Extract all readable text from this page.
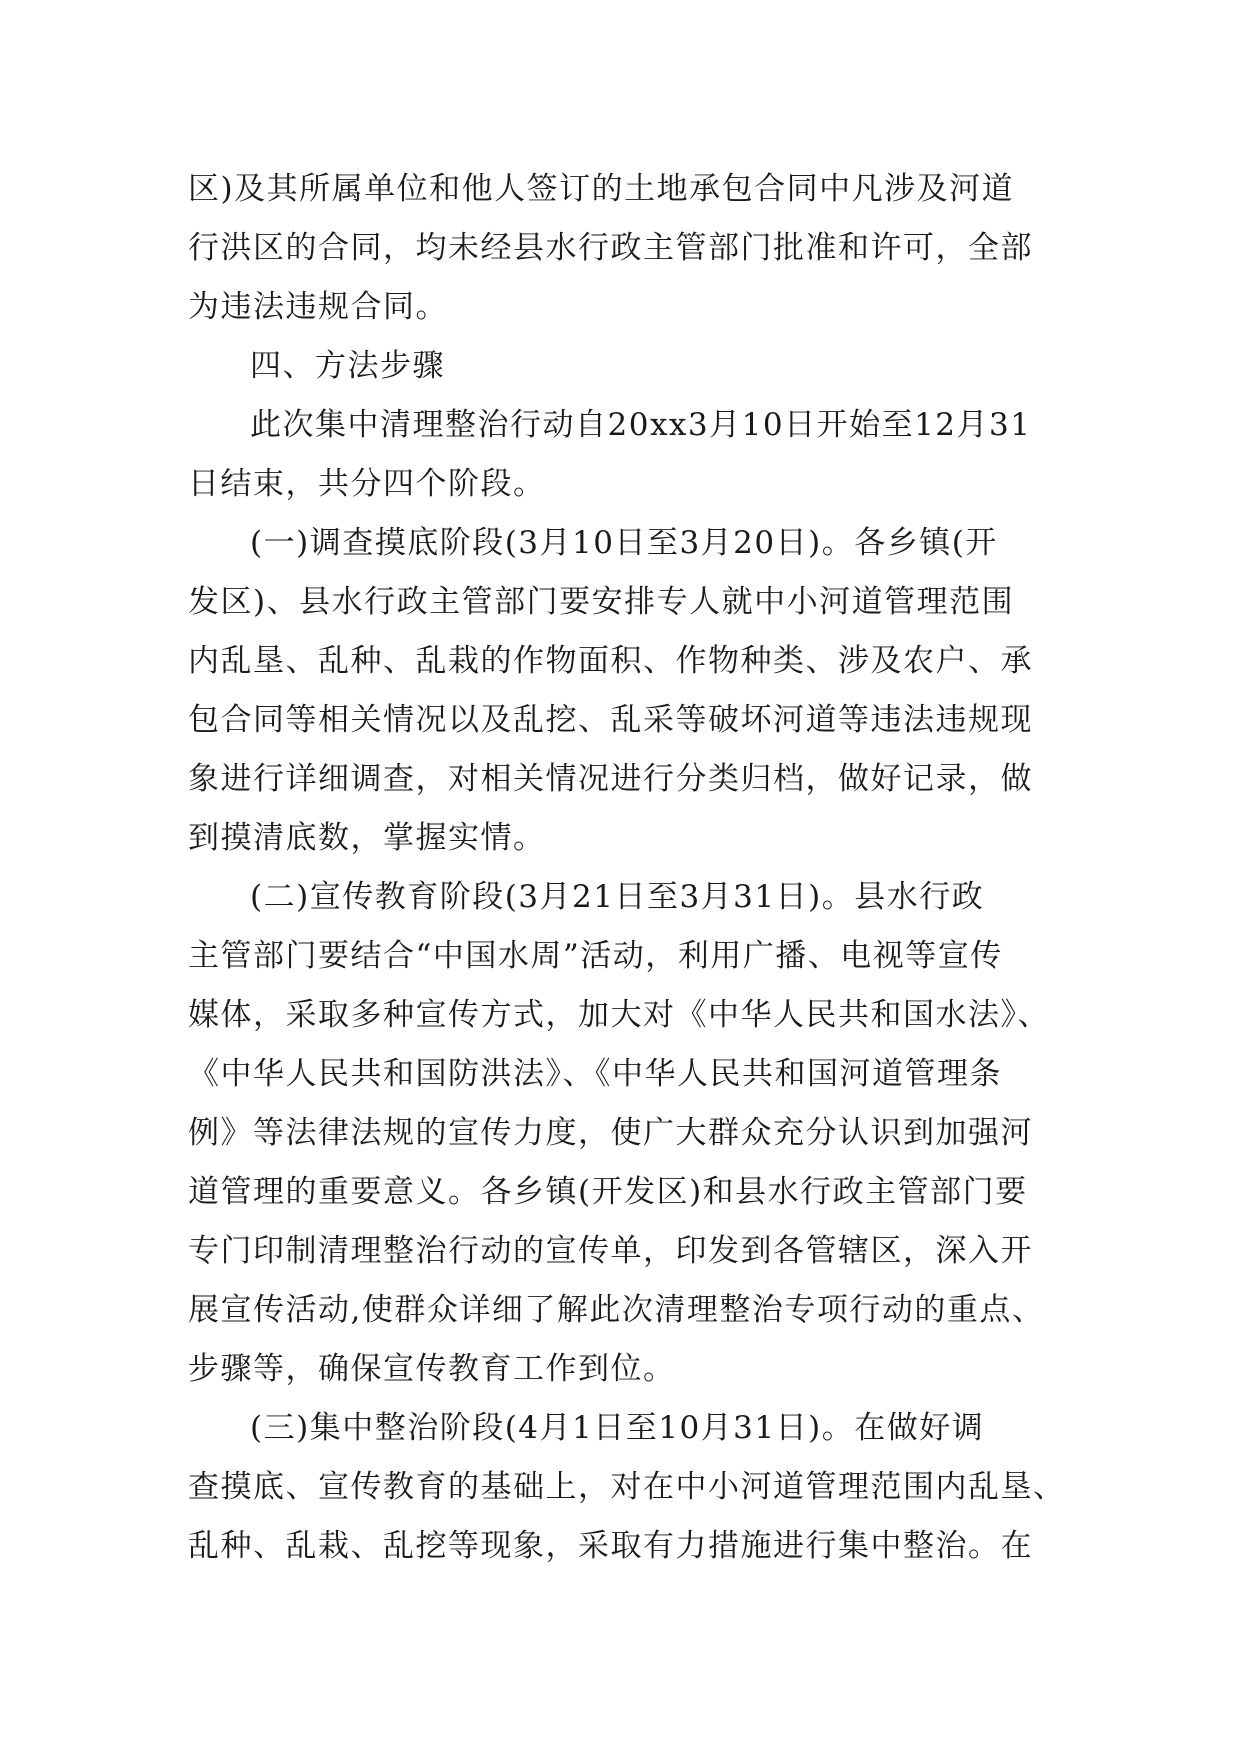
区)及其所属单位和他人签订的土地承包合同中凡涉及河道
行洪区的合同，均未经县水行政主管部门批准和许可，全部
为违法违规合同。
四、方法步骤
此次集中清理整治行动自20xx3月10日开始至12月31
日结束，共分四个阶段。
(一)调查摸底阶段(3月10日至3月20日)。各乡镇(开
发区)、县水行政主管部门要安排专人就中小河道管理范围
内乱垦、乱种、乱栽的作物面积、作物种类、涉及农户、承
包合同等相关情况以及乱挖、乱采等破坏河道等违法违规现
象进行详细调查，对相关情况进行分类归档，做好记录，做
到摸清底数，掌握实情。
(二)宣传教育阶段(3月21日至3月31日)。县水行政
主管部门要结合“中国水周”活动，利用广播、电视等宣传
媒体，采取多种宣传方式，加大对《中华人民共和国水法》、
《中华人民共和国防洪法》、《中华人民共和国河道管理条
例》等法律法规的宣传力度，使广大群众充分认识到加强河
道管理的重要意义。各乡镇(开发区)和县水行政主管部门要
专门印制清理整治行动的宣传单，印发到各管辖区，深入开
展宣传活动,使群众详细了解此次清理整治专项行动的重点、
步骤等，确保宣传教育工作到位。
(三)集中整治阶段(4月1日至10月31日)。在做好调
查摸底、宣传教育的基础上，对在中小河道管理范围内乱垦、
乱种、乱栽、乱挖等现象，采取有力措施进行集中整治。在
